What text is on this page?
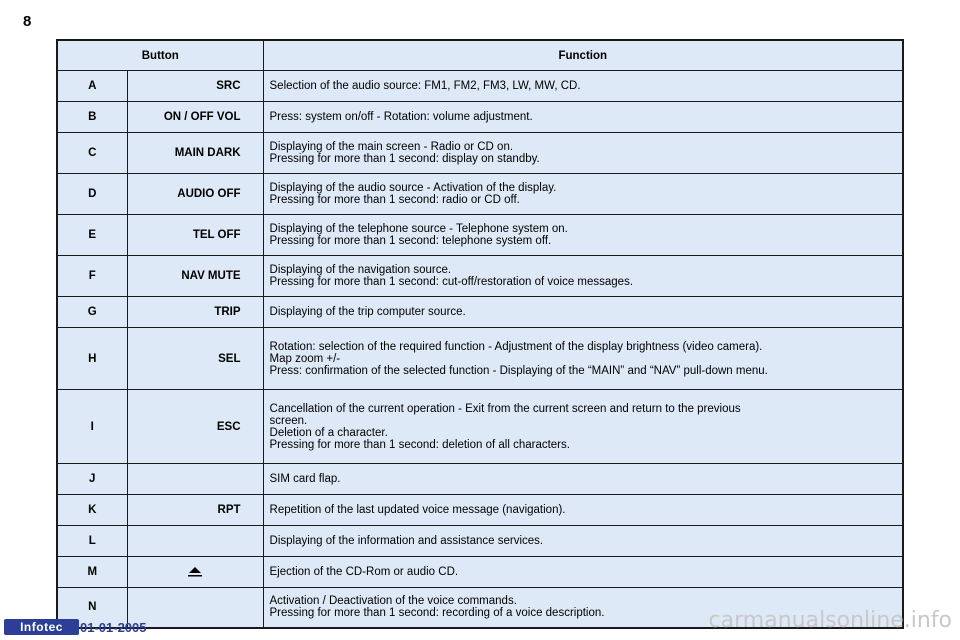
8
Button		Function
A	SRC	Selection of the audio source: FM1, FM2, FM3, LW, MW, CD.
B	ON / OFF VOL	Press: system on/off - Rotation: volume adjustment.
C	MAIN DARK	Displaying of the main screen - Radio or CD on.
Pressing for more than 1 second: display on standby.
D	AUDIO OFF	Displaying of the audio source - Activation of the display.
Pressing for more than 1 second: radio or CD off.
E	TEL OFF	Displaying of the telephone source - Telephone system on.
Pressing for more than 1 second: telephone system off.
F	NAV MUTE	Displaying of the navigation source.
Pressing for more than 1 second: cut-off/restoration of voice messages.
G	TRIP	Displaying of the trip computer source.
H	SEL	Rotation: selection of the required function - Adjustment of the display brightness (video camera).
Map zoom +/-
Press: confirmation of the selected function - Displaying of the “MAIN” and “NAV” pull-down menu.
I	ESC	Cancellation of the current operation - Exit from the current screen and return to the previous
screen.
Deletion of a character.
Pressing for more than 1 second: deletion of all characters.
J		SIM card flap.
K	RPT	Repetition of the last updated voice message (navigation).
L		Displaying of the information and assistance services.
M		Ejection of the CD-Rom or audio CD.
N		Activation / Deactivation of the voice commands.
Pressing for more than 1 second: recording of a voice description.
Infotec	01-01-2005	carmanualsonline.info
